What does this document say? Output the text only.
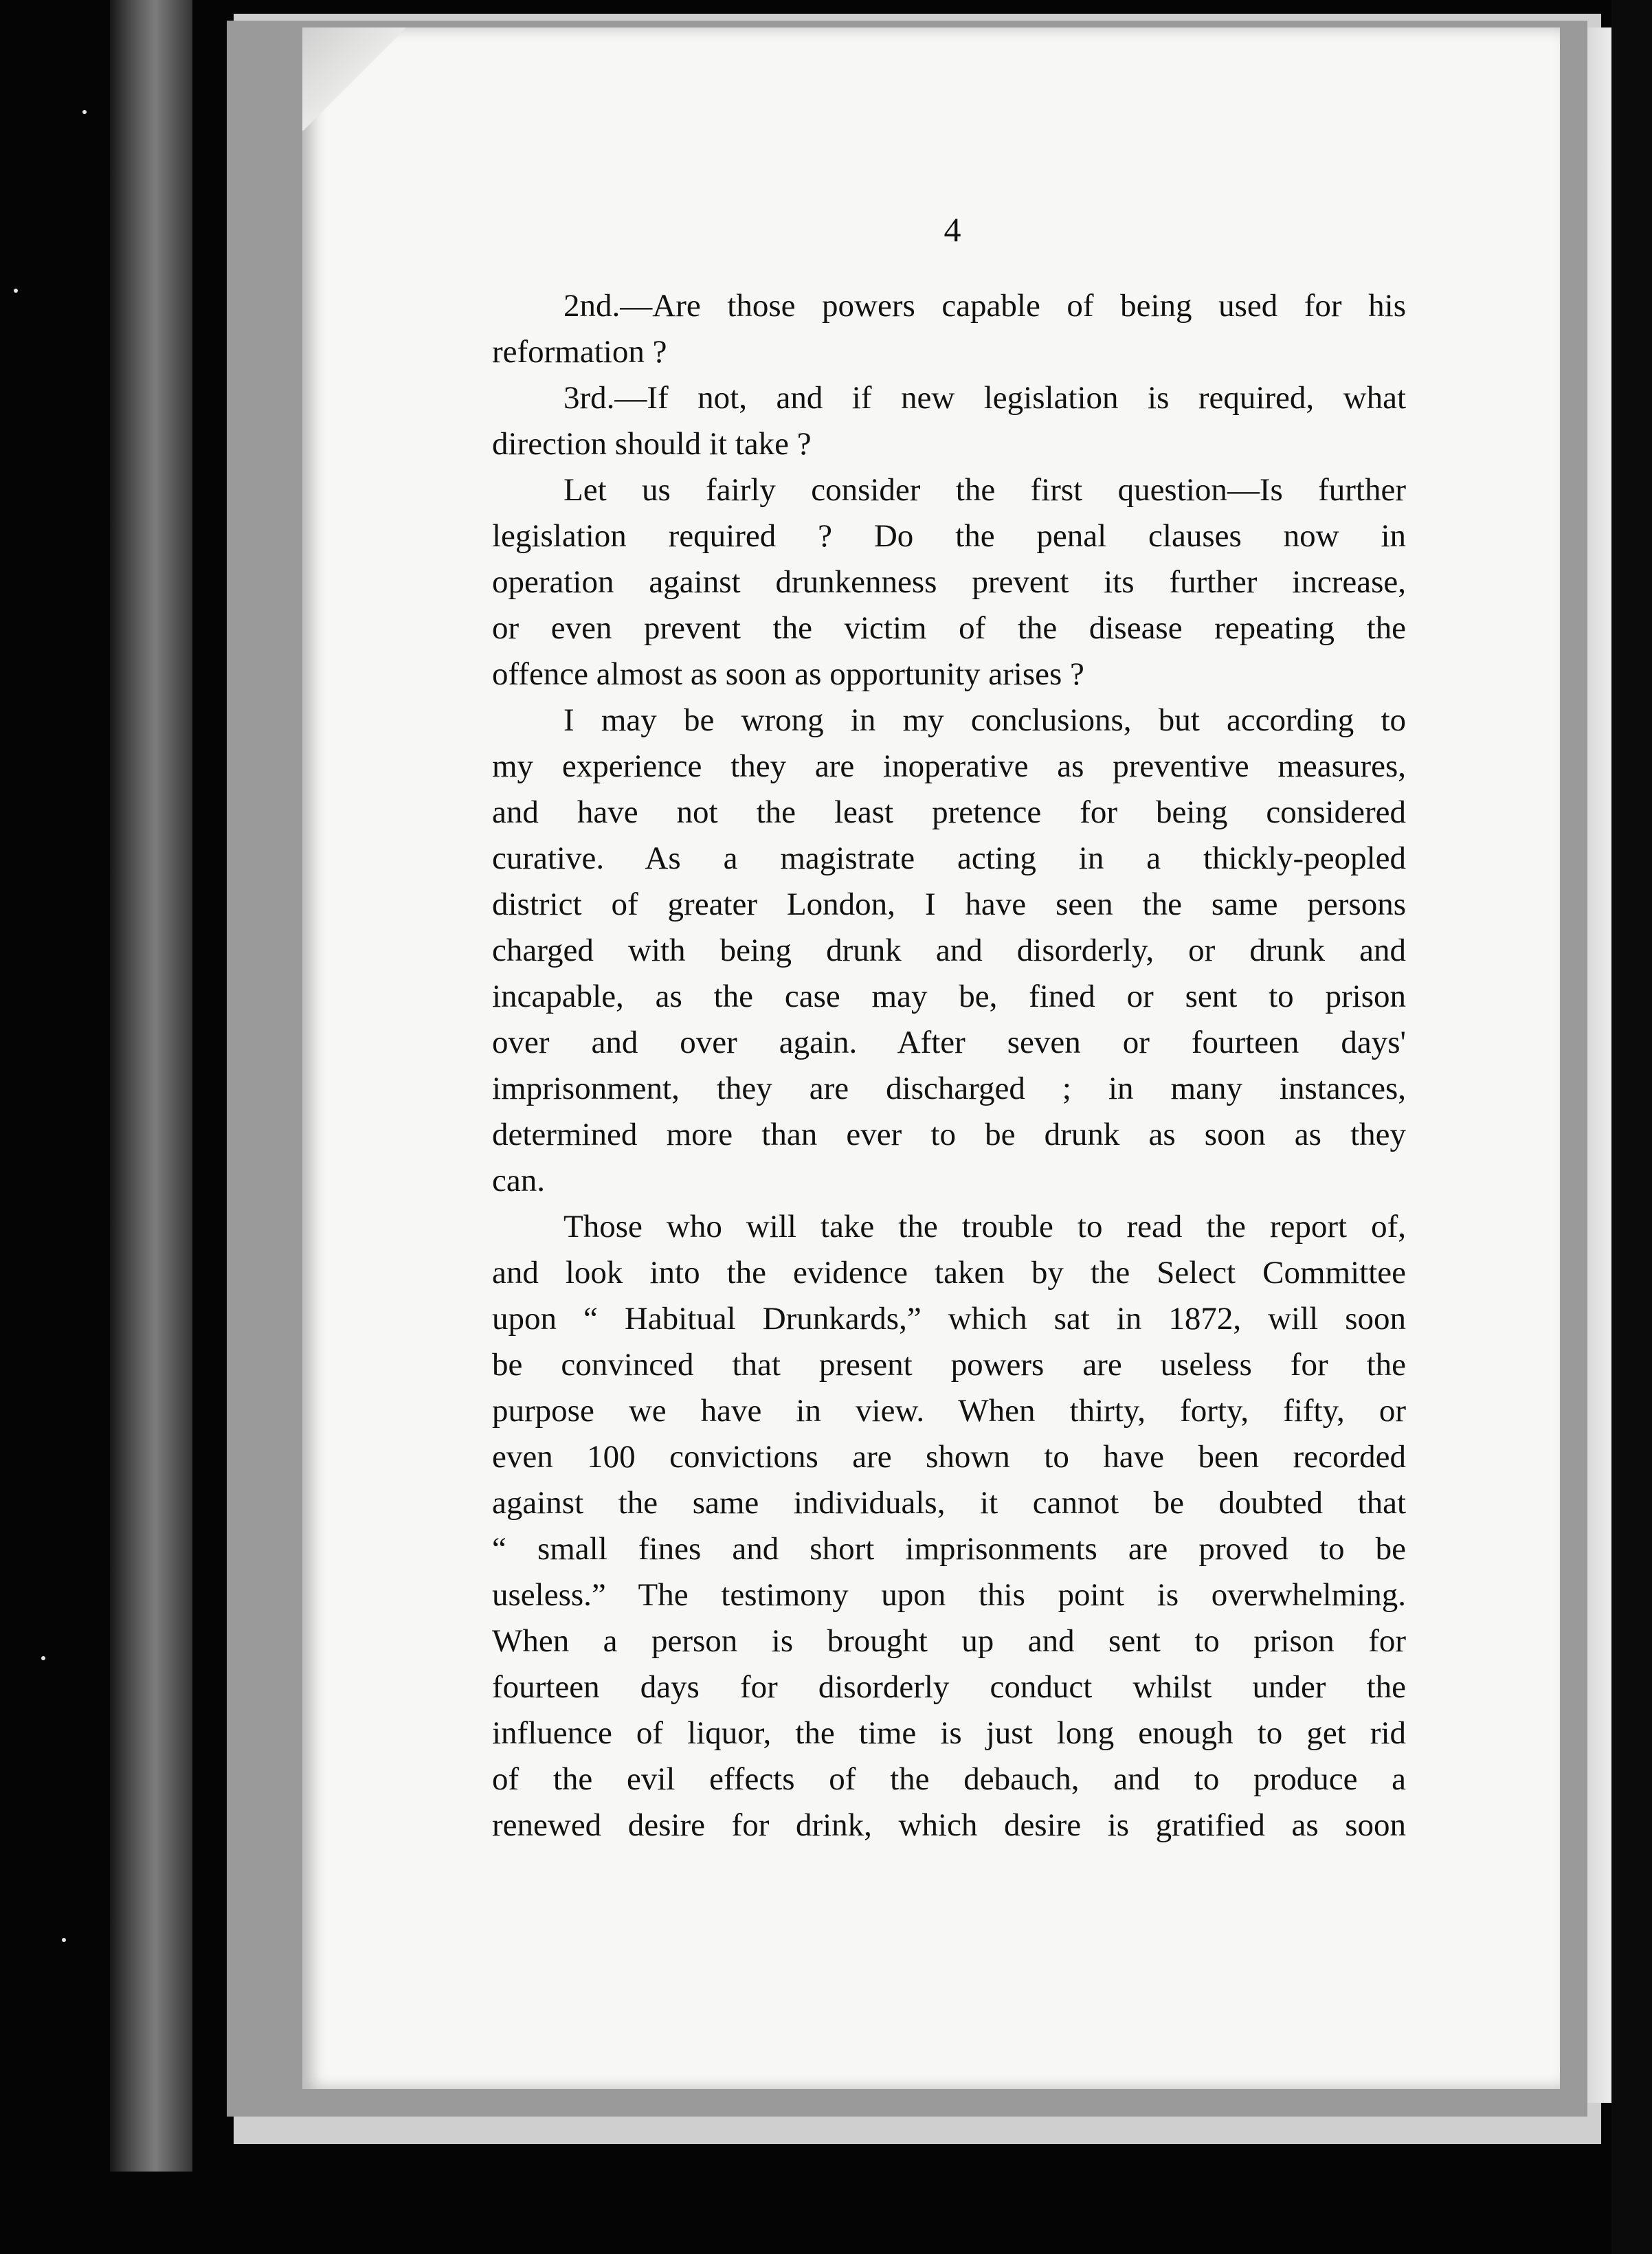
4
2nd.—Are those powers capable of being used for his
reformation ?
3rd.—If not, and if new legislation is required, what
direction should it take ?
Let us fairly consider the first question—Is further
legislation required ? Do the penal clauses now in
operation against drunkenness prevent its further increase,
or even prevent the victim of the disease repeating the
offence almost as soon as opportunity arises ?
I may be wrong in my conclusions, but according to
my experience they are inoperative as preventive measures,
and have not the least pretence for being considered
curative. As a magistrate acting in a thickly-peopled
district of greater London, I have seen the same persons
charged with being drunk and disorderly, or drunk and
incapable, as the case may be, fined or sent to prison
over and over again. After seven or fourteen days'
imprisonment, they are discharged ; in many instances,
determined more than ever to be drunk as soon as they
can.
Those who will take the trouble to read the report of,
and look into the evidence taken by the Select Committee
upon “ Habitual Drunkards,” which sat in 1872, will soon
be convinced that present powers are useless for the
purpose we have in view. When thirty, forty, fifty, or
even 100 convictions are shown to have been recorded
against the same individuals, it cannot be doubted that
“ small fines and short imprisonments are proved to be
useless.” The testimony upon this point is overwhelming.
When a person is brought up and sent to prison for
fourteen days for disorderly conduct whilst under the
influence of liquor, the time is just long enough to get rid
of the evil effects of the debauch, and to produce a
renewed desire for drink, which desire is gratified as soon
